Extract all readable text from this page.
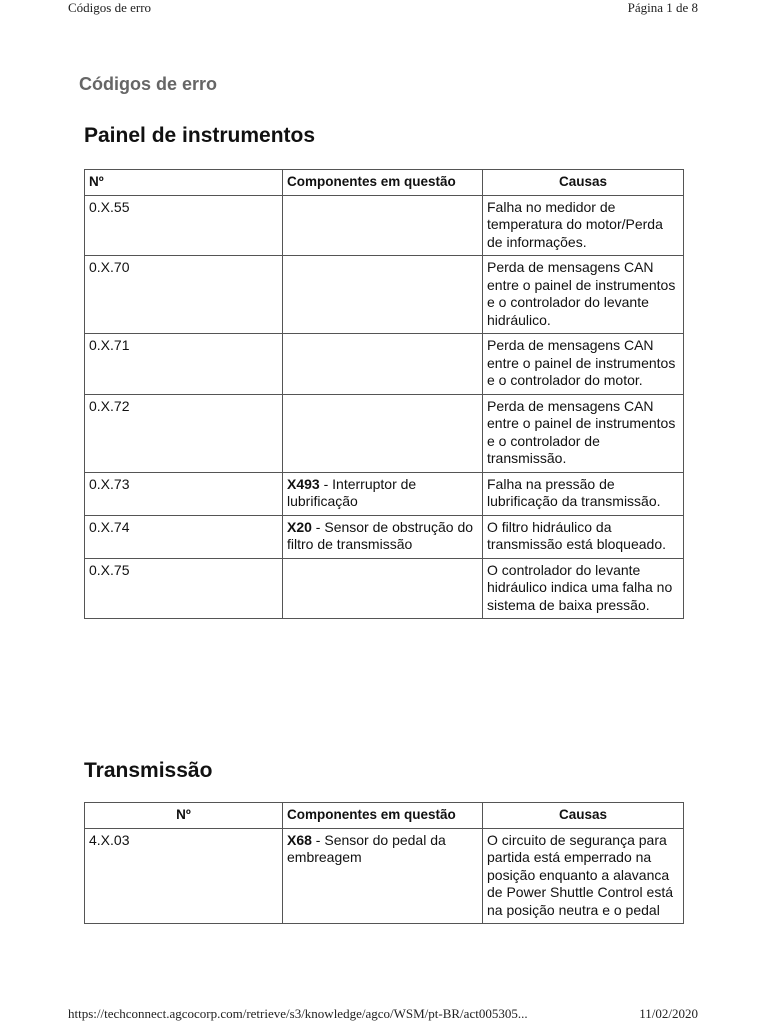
Códigos de erro	Página 1 de 8
Códigos de erro
Painel de instrumentos
Nº	Componentes em questão	Causas
0.X.55		Falha no medidor de temperatura do motor/Perda de informações.
0.X.70		Perda de mensagens CAN entre o painel de instrumentos e o controlador do levante hidráulico.
0.X.71		Perda de mensagens CAN entre o painel de instrumentos e o controlador do motor.
0.X.72		Perda de mensagens CAN entre o painel de instrumentos e o controlador de transmissão.
0.X.73	X493 - Interruptor de lubrificação	Falha na pressão de lubrificação da transmissão.
0.X.74	X20 - Sensor de obstrução do filtro de transmissão	O filtro hidráulico da transmissão está bloqueado.
0.X.75		O controlador do levante hidráulico indica uma falha no sistema de baixa pressão.
Transmissão
Nº	Componentes em questão	Causas
4.X.03	X68 - Sensor do pedal da embreagem	O circuito de segurança para partida está emperrado na posição enquanto a alavanca de Power Shuttle Control está na posição neutra e o pedal
https://techconnect.agcocorp.com/retrieve/s3/knowledge/agco/WSM/pt-BR/act005305...	11/02/2020
